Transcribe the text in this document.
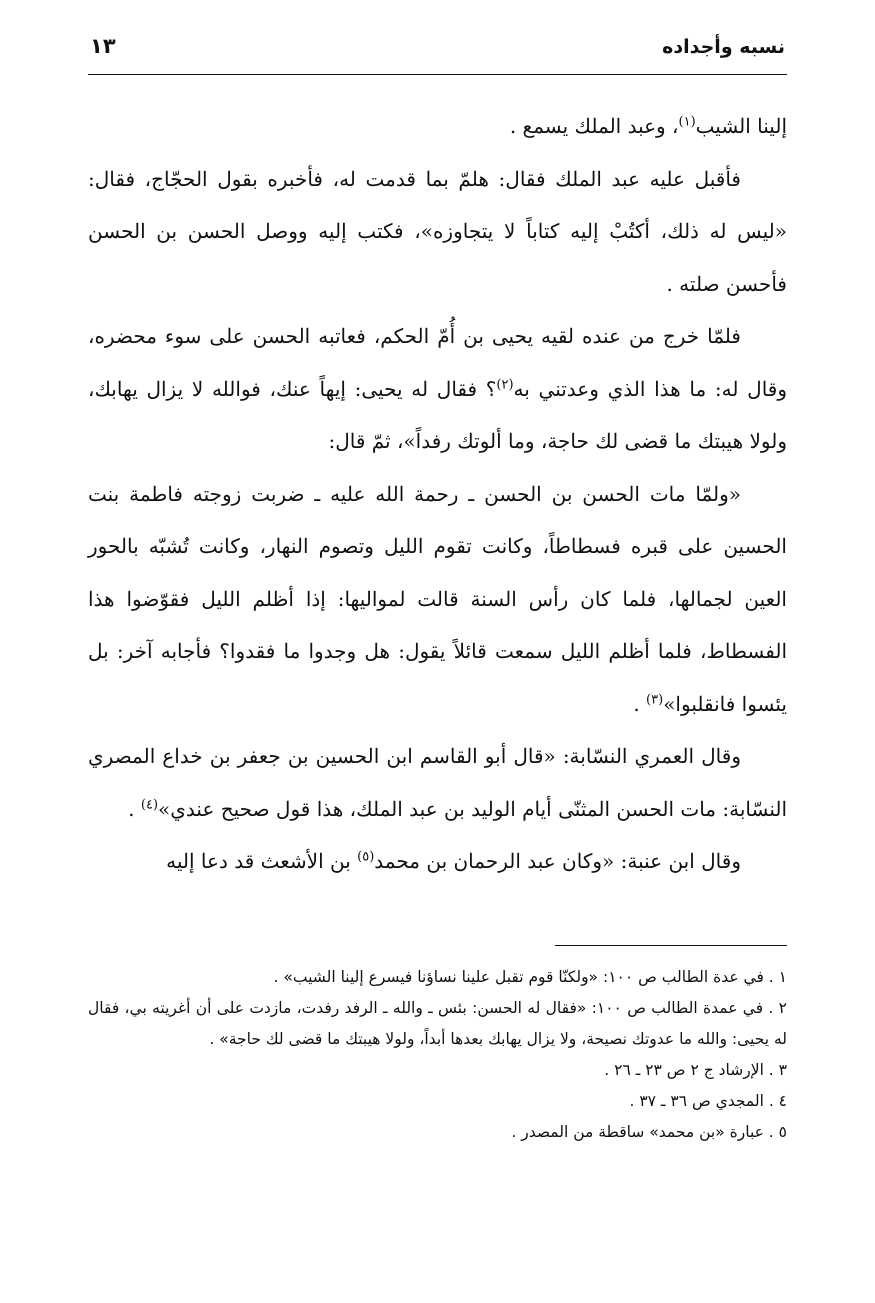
نسبه وأجداده
١٣

إلينا الشيب$^{(١)}$، وعبد الملك يسمع .

فأقبل عليه عبد الملك فقال: هلمّ بما قدمت له، فأخبره بقول الحجّاج، فقال: «ليس له ذلك، أكتُبْ إليه كتاباً لا يتجاوزه»، فكتب إليه ووصل الحسن بن الحسن فأحسن صلته .

فلمّا خرج من عنده لقيه يحيى بن أُمّ الحكم، فعاتبه الحسن على سوء محضره، وقال له: ما هذا الذي وعدتني به$^{(٢)}$؟ فقال له يحيى: إيهاً عنك، فوالله لا يزال يهابك، ولولا هيبتك ما قضى لك حاجة، وما ألوتك رفداً»، ثمّ قال:

«ولمّا مات الحسن بن الحسن ـ رحمة الله عليه ـ ضربت زوجته فاطمة بنت الحسين على قبره فسطاطاً، وكانت تقوم الليل وتصوم النهار، وكانت تُشبّه بالحور العين لجمالها، فلما كان رأس السنة قالت لمواليها: إذا أظلم الليل فقوّضوا هذا الفسطاط، فلما أظلم الليل سمعت قائلاً يقول: هل وجدوا ما فقدوا؟ فأجابه آخر: بل يئسوا فانقلبوا»$^{(٣)}$ .

وقال العمري النسّابة: «قال أبو القاسم ابن الحسين بن جعفر بن خداع المصري النسّابة: مات الحسن المثنّى أيام الوليد بن عبد الملك، هذا قول صحيح عندي»$^{(٤)}$ .

وقال ابن عنبة: «وكان عبد الرحمان بن محمد$^{(٥)}$ بن الأشعث قد دعا إليه

١ . في عدة الطالب ص ١٠٠: «ولكنّا قوم تقبل علينا نساؤنا فيسرع إلينا الشيب» .

٢ . في عمدة الطالب ص ١٠٠: «فقال له الحسن: بئس ـ والله ـ الرفد رفدت، مازدت على أن أغريته بي، فقال له يحيى: والله ما عدوتك نصيحة، ولا يزال يهابك بعدها أبداً، ولولا هيبتك ما قضى لك حاجة» .

٣ . الإرشاد ج ٢ ص ٢٣ ـ ٢٦ .

٤ . المجدي ص ٣٦ ـ ٣٧ .

٥ . عبارة «بن محمد» ساقطة من المصدر .
